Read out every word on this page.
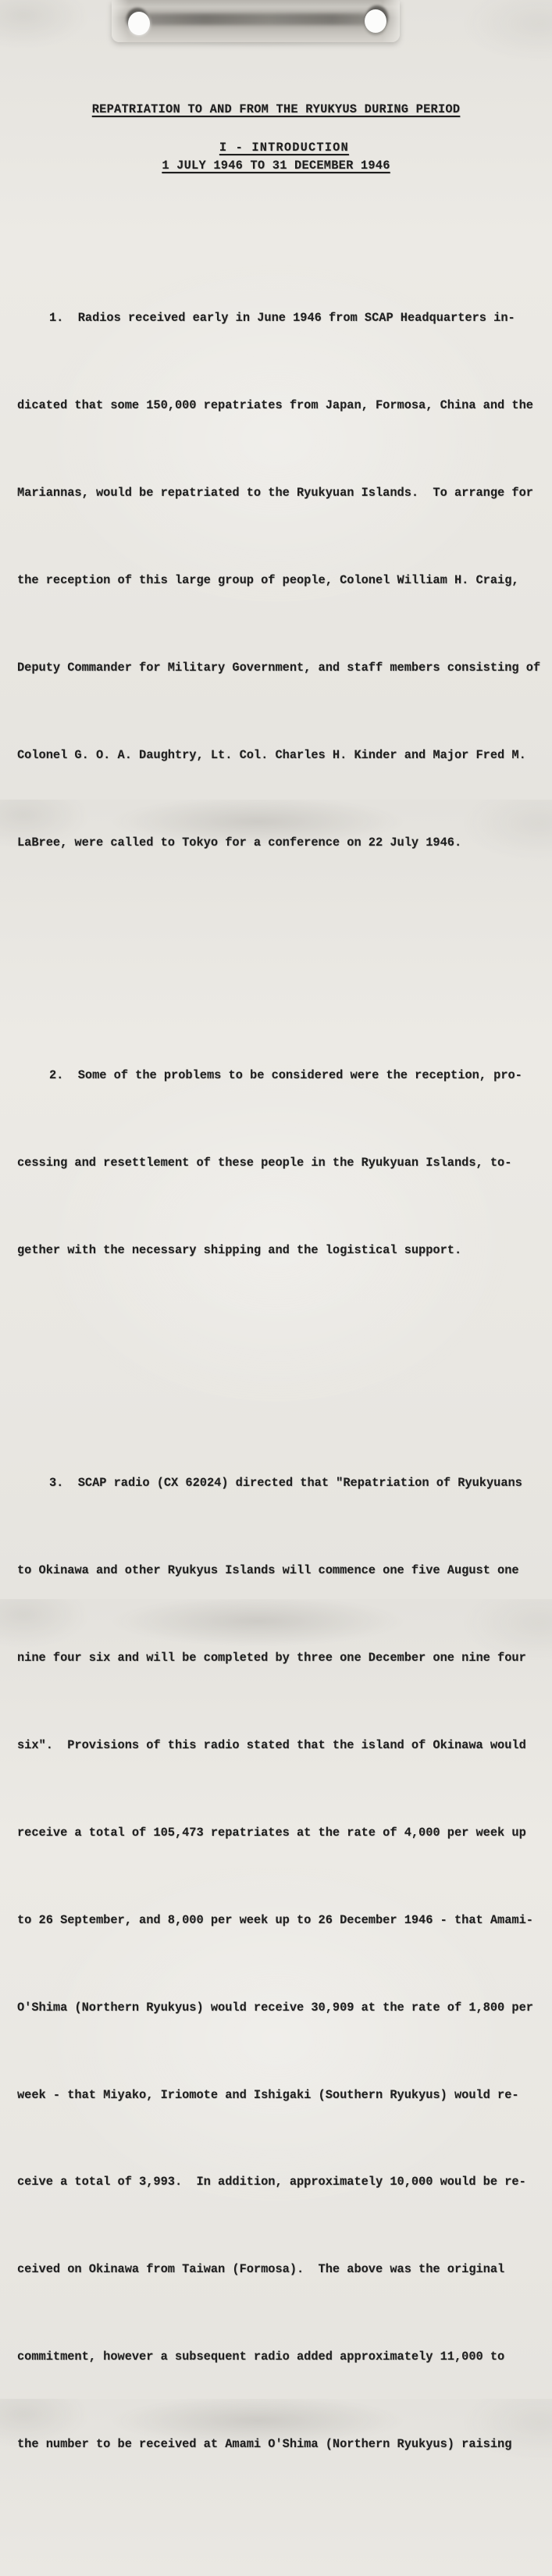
REPATRIATION TO AND FROM THE RYUKYUS DURING PERIOD

1 JULY 1946 TO 31 DECEMBER 1946

I - INTRODUCTION

1.  Radios received early in June 1946 from SCAP Headquarters in-

dicated that some 150,000 repatriates from Japan, Formosa, China and the

Mariannas, would be repatriated to the Ryukyuan Islands.  To arrange for

the reception of this large group of people, Colonel William H. Craig,

Deputy Commander for Military Government, and staff members consisting of

Colonel G. O. A. Daughtry, Lt. Col. Charles H. Kinder and Major Fred M.

LaBree, were called to Tokyo for a conference on 22 July 1946.

2.  Some of the problems to be considered were the reception, pro-

cessing and resettlement of these people in the Ryukyuan Islands, to-

gether with the necessary shipping and the logistical support.

3.  SCAP radio (CX 62024) directed that "Repatriation of Ryukyuans

to Okinawa and other Ryukyus Islands will commence one five August one

nine four six and will be completed by three one December one nine four

six".  Provisions of this radio stated that the island of Okinawa would

receive a total of 105,473 repatriates at the rate of 4,000 per week up

to 26 September, and 8,000 per week up to 26 December 1946 - that Amami-

O'Shima (Northern Ryukyus) would receive 30,909 at the rate of 1,800 per

week - that Miyako, Iriomote and Ishigaki (Southern Ryukyus) would re-

ceive a total of 3,993.  In addition, approximately 10,000 would be re-

ceived on Okinawa from Taiwan (Formosa).  The above was the original

commitment, however a subsequent radio added approximately 11,000 to

the number to be received at Amami O'Shima (Northern Ryukyus) raising
